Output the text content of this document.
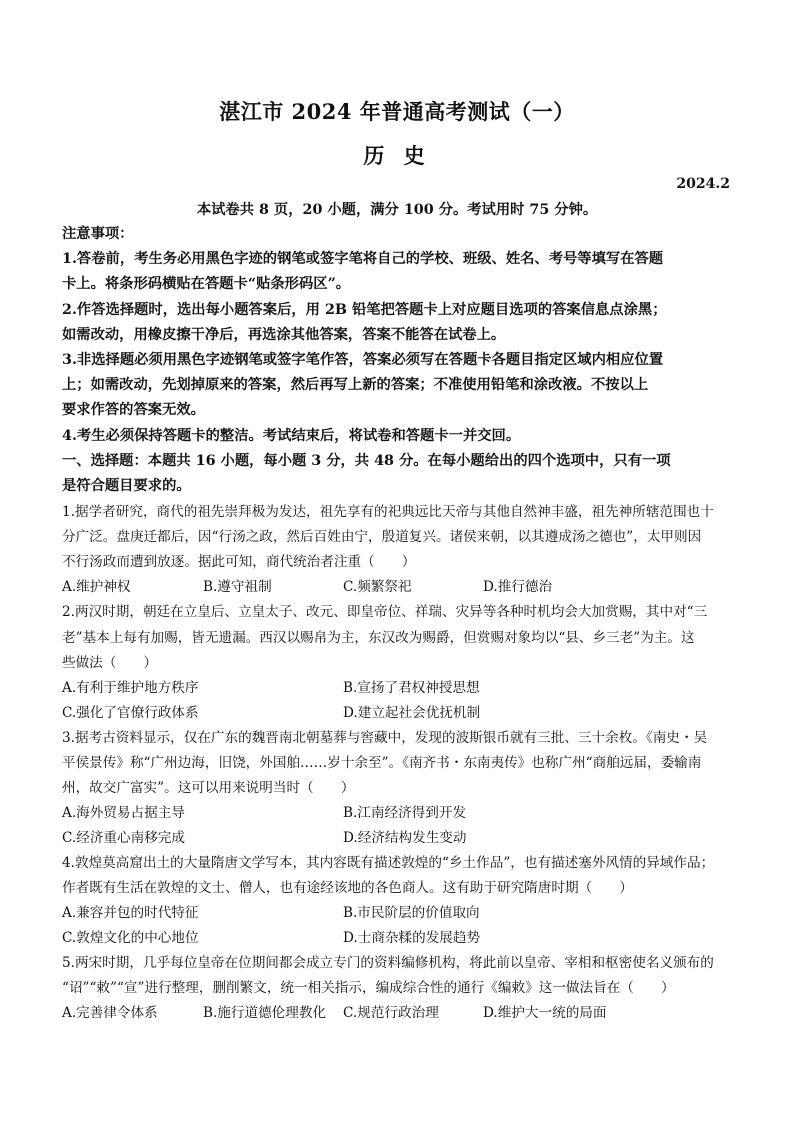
湛江市 2024 年普通高考测试（一）
历 史
2024.2
本试卷共 8 页，20 小题，满分 100 分。考试用时 75 分钟。
注意事项：
1.答卷前，考生务必用黑色字迹的钢笔或签字笔将自己的学校、班级、姓名、考号等填写在答题
卡上。将条形码横贴在答题卡“贴条形码区”。
2.作答选择题时，选出每小题答案后，用 2B 铅笔把答题卡上对应题目选项的答案信息点涂黑；
如需改动，用橡皮擦干净后，再选涂其他答案，答案不能答在试卷上。
3.非选择题必须用黑色字迹钢笔或签字笔作答，答案必须写在答题卡各题目指定区域内相应位置
上；如需改动，先划掉原来的答案，然后再写上新的答案；不准使用铅笔和涂改液。不按以上
要求作答的答案无效。
4.考生必须保持答题卡的整洁。考试结束后，将试卷和答题卡一并交回。
一、选择题：本题共 16 小题，每小题 3 分，共 48 分。在每小题给出的四个选项中，只有一项
是符合题目要求的。
1.据学者研究，商代的祖先崇拜极为发达，祖先享有的祀典远比天帝与其他自然神丰盛，祖先神所辖范围也十
分广泛。盘庚迁都后，因“行汤之政，然后百姓由宁，殷道复兴。诸侯来朝，以其遵成汤之德也”，太甲则因
不行汤政而遭到放逐。据此可知，商代统治者注重（　　）
A.维护神权	B.遵守祖制	C.频繁祭祀	D.推行德治
2.两汉时期，朝廷在立皇后、立皇太子、改元、即皇帝位、祥瑞、灾异等各种时机均会大加赏赐，其中对“三
老”基本上每有加赐，皆无遗漏。西汉以赐帛为主，东汉改为赐爵，但赏赐对象均以“县、乡三老”为主。这
些做法（　　）
A.有利于维护地方秩序	B.宣扬了君权神授思想
C.强化了官僚行政体系	D.建立起社会优抚机制
3.据考古资料显示，仅在广东的魏晋南北朝墓葬与窖藏中，发现的波斯银币就有三批、三十余枚。《南史・吴
平侯景传》称“广州边海，旧饶，外国舶……岁十余至”。《南齐书・东南夷传》也称广州“商舶远届，委输南
州，故交广富实”。这可以用来说明当时（　　）
A.海外贸易占据主导	B.江南经济得到开发
C.经济重心南移完成	D.经济结构发生变动
4.敦煌莫高窟出土的大量隋唐文学写本，其内容既有描述敦煌的“乡土作品”，也有描述塞外风情的异域作品；
作者既有生活在敦煌的文士、僧人，也有途经该地的各色商人。这有助于研究隋唐时期（　　）
A.兼容并包的时代特征	B.市民阶层的价值取向
C.敦煌文化的中心地位	D.士商杂糅的发展趋势
5.两宋时期，几乎每位皇帝在位期间都会成立专门的资料编修机构，将此前以皇帝、宰相和枢密使名义颁布的
“诏”“敕”“宣”进行整理，删削繁文，统一相关指示，编成综合性的通行《编敕》这一做法旨在（　　）
A.完善律令体系	B.施行道德伦理教化 C.规范行政治理	D.维护大一统的局面
